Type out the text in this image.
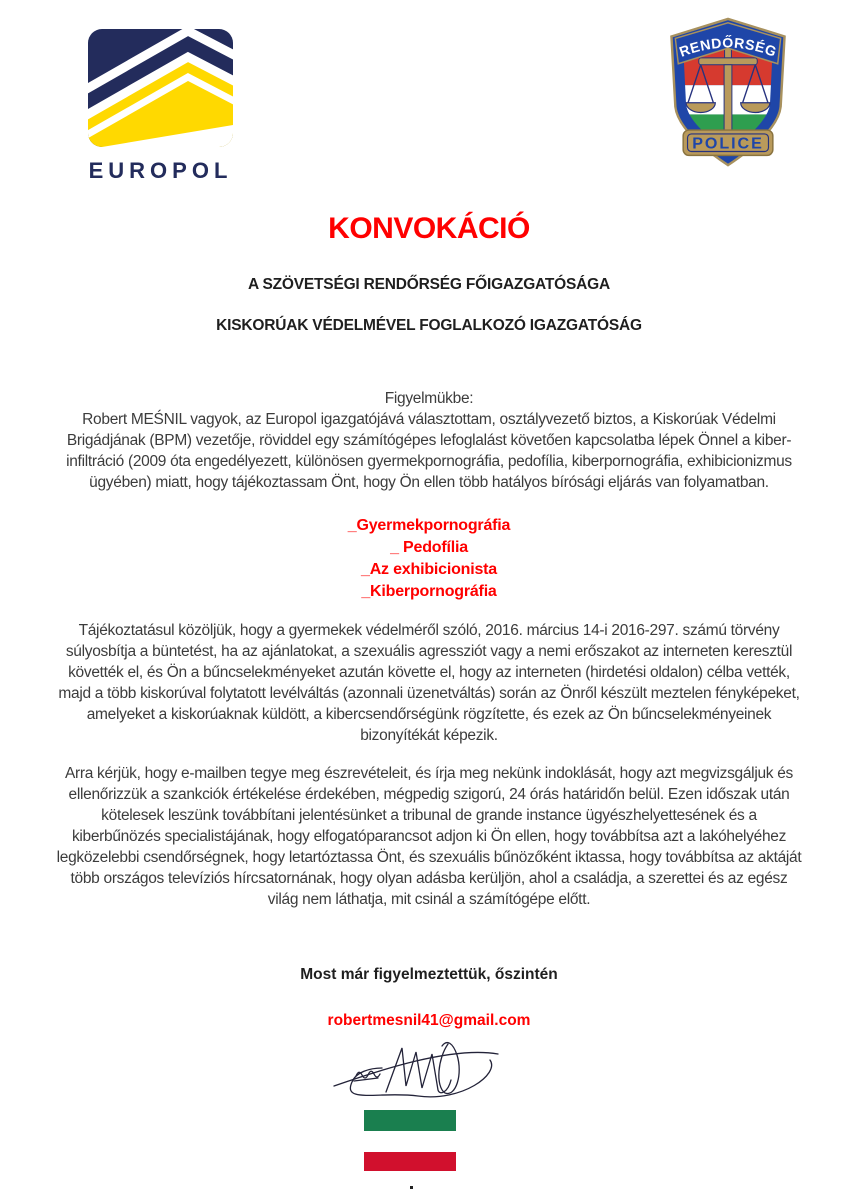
EUROPOL
RENDŐRSÉG
POLICE
KONVOKÁCIÓ
A SZÖVETSÉGI RENDŐRSÉG FŐIGAZGATÓSÁGA
KISKORÚAK VÉDELMÉVEL FOGLALKOZÓ IGAZGATÓSÁG
Figyelmükbe:
Robert MEŚNIL vagyok, az Europol igazgatójává választottam, osztályvezető biztos, a Kiskorúak Védelmi
Brigádjának (BPM) vezetője, röviddel egy számítógépes lefoglalást követően kapcsolatba lépek Önnel a kiber-
infiltráció (2009 óta engedélyezett, különösen gyermekpornográfia, pedofília, kiberpornográfia, exhibicionizmus
ügyében) miatt, hogy tájékoztassam Önt, hogy Ön ellen több hatályos bírósági eljárás van folyamatban.
_Gyermekpornográfia
_ Pedofília
_Az exhibicionista
_Kiberpornográfia
Tájékoztatásul közöljük, hogy a gyermekek védelméről szóló, 2016. március 14-i 2016-297. számú törvény
súlyosbítja a büntetést, ha az ajánlatokat, a szexuális agressziót vagy a nemi erőszakot az interneten keresztül
követték el, és Ön a bűncselekményeket azután követte el, hogy az interneten (hirdetési oldalon) célba vették,
majd a több kiskorúval folytatott levélváltás (azonnali üzenetváltás) során az Önről készült meztelen fényképeket,
amelyeket a kiskorúaknak küldött, a kibercsendőrségünk rögzítette, és ezek az Ön bűncselekményeinek
bizonyítékát képezik.
Arra kérjük, hogy e-mailben tegye meg észrevételeit, és írja meg nekünk indoklását, hogy azt megvizsgáljuk és
ellenőrizzük a szankciók értékelése érdekében, mégpedig szigorú, 24 órás határidőn belül. Ezen időszak után
kötelesek leszünk továbbítani jelentésünket a tribunal de grande instance ügyészhelyettesének és a
kiberbűnözés specialistájának, hogy elfogatóparancsot adjon ki Ön ellen, hogy továbbítsa azt a lakóhelyéhez
legközelebbi csendőrségnek, hogy letartóztassa Önt, és szexuális bűnözőként iktassa, hogy továbbítsa az aktáját
több országos televíziós hírcsatornának, hogy olyan adásba kerüljön, ahol a családja, a szerettei és az egész
világ nem láthatja, mit csinál a számítógépe előtt.
Most már figyelmeztettük, őszintén
robertmesnil41@gmail.com
